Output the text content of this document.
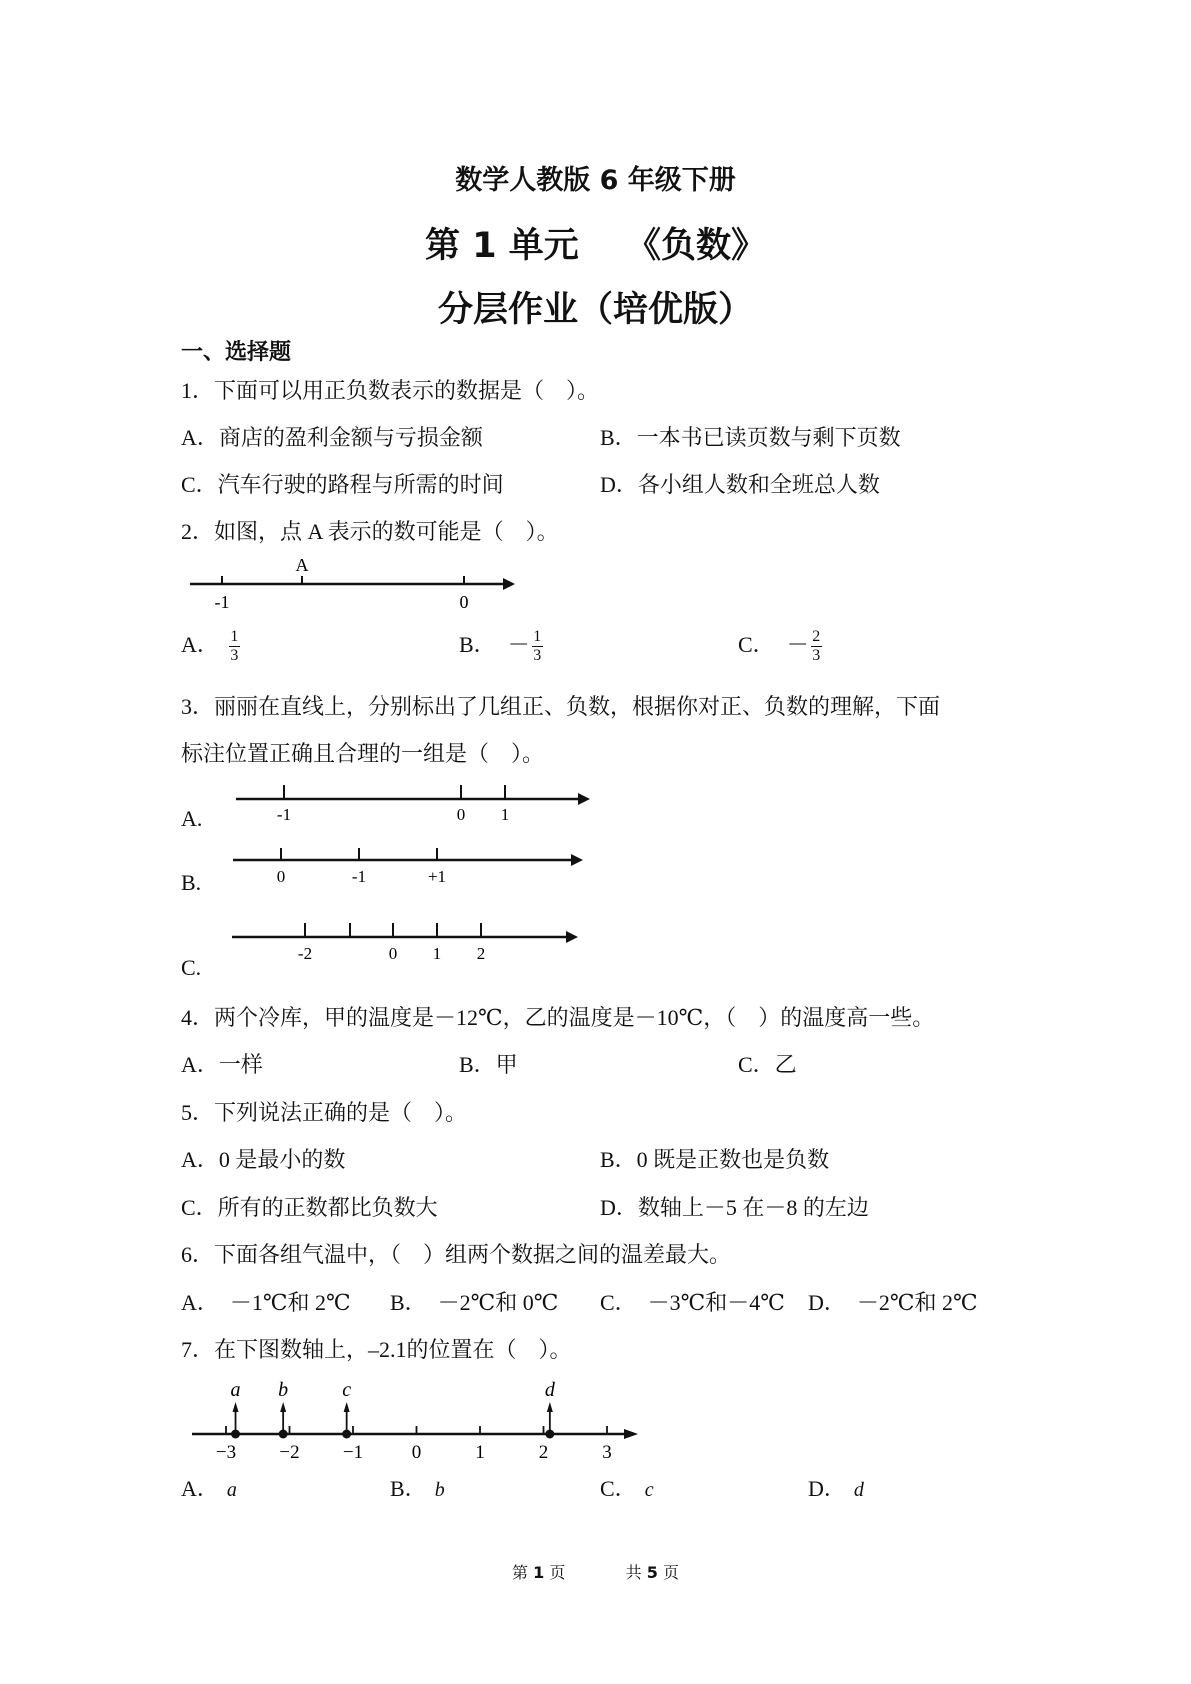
数学人教版 6 年级下册
第 1 单元　 《负数》
分层作业（培优版）
一、选择题
1．下面可以用正负数表示的数据是（　）。
A．商店的盈利金额与亏损金额	B．一本书已读页数与剩下页数
C．汽车行驶的路程与所需的时间	D．各小组人数和全班总人数
2．如图，点 A 表示的数可能是（　）。
-1	0
A
A． $\frac{1}{3}$	B． － $\frac{1}{3}$	C． － $\frac{2}{3}$
3．丽丽在直线上，分别标出了几组正、负数，根据你对正、负数的理解，下面
标注位置正确且合理的一组是（　）。
A.	-1	0 1
B.	0	-1	+1
C.
-2	0 1 2
4．两个冷库，甲的温度是－12℃，乙的温度是－10℃，（　）的温度高一些。
A．一样	B．甲	C．乙
5．下列说法正确的是（　）。
A．0 是最小的数	B．0 既是正数也是负数
C．所有的正数都比负数大	D．数轴上－5 在－8 的左边
6．下面各组气温中，（　）组两个数据之间的温差最大。
A．　－1℃和 2℃ B．　－2℃和 0℃ C．　－3℃和－4℃ D．　－2℃和 2℃
7．在下图数轴上，–2.1的位置在（　）。
−3 −2 −1	0	1	2	3
a b	c	d
A． a	B． b	C． c	D． d
第 1 页	共 5 页
